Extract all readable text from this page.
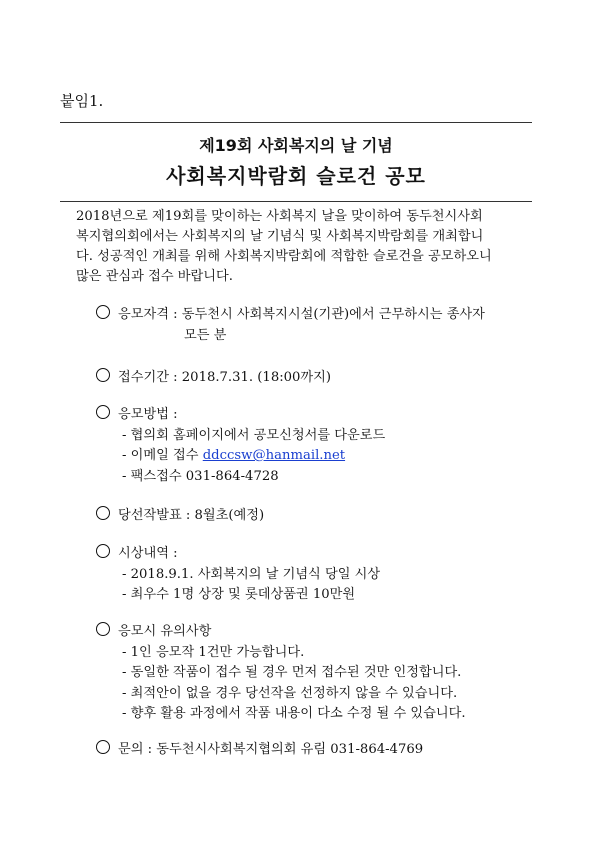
붙임1.
제19회 사회복지의 날 기념
사회복지박람회 슬로건 공모
2018년으로 제19회를 맞이하는 사회복지 날을 맞이하여 동두천시사회
복지협의회에서는 사회복지의 날 기념식 및 사회복지박람회를 개최합니
다. 성공적인 개최를 위해 사회복지박람회에 적합한 슬로건을 공모하오니
많은 관심과 접수 바랍니다.
응모자격 : 동두천시 사회복지시설(기관)에서 근무하시는 종사자
모든 분
접수기간 : 2018.7.31. (18:00까지)
응모방법 :
- 협의회 홈페이지에서 공모신청서를 다운로드
- 이메일 접수 ddccsw@hanmail.net
- 팩스접수 031-864-4728
당선작발표 : 8월초(예정)
시상내역 :
- 2018.9.1. 사회복지의 날 기념식 당일 시상
- 최우수 1명 상장 및 롯데상품권 10만원
응모시 유의사항
- 1인 응모작 1건만 가능합니다.
- 동일한 작품이 접수 될 경우 먼저 접수된 것만 인정합니다.
- 최적안이 없을 경우 당선작을 선정하지 않을 수 있습니다.
- 향후 활용 과정에서 작품 내용이 다소 수정 될 수 있습니다.
문의 : 동두천시사회복지협의회 유림 031-864-4769
